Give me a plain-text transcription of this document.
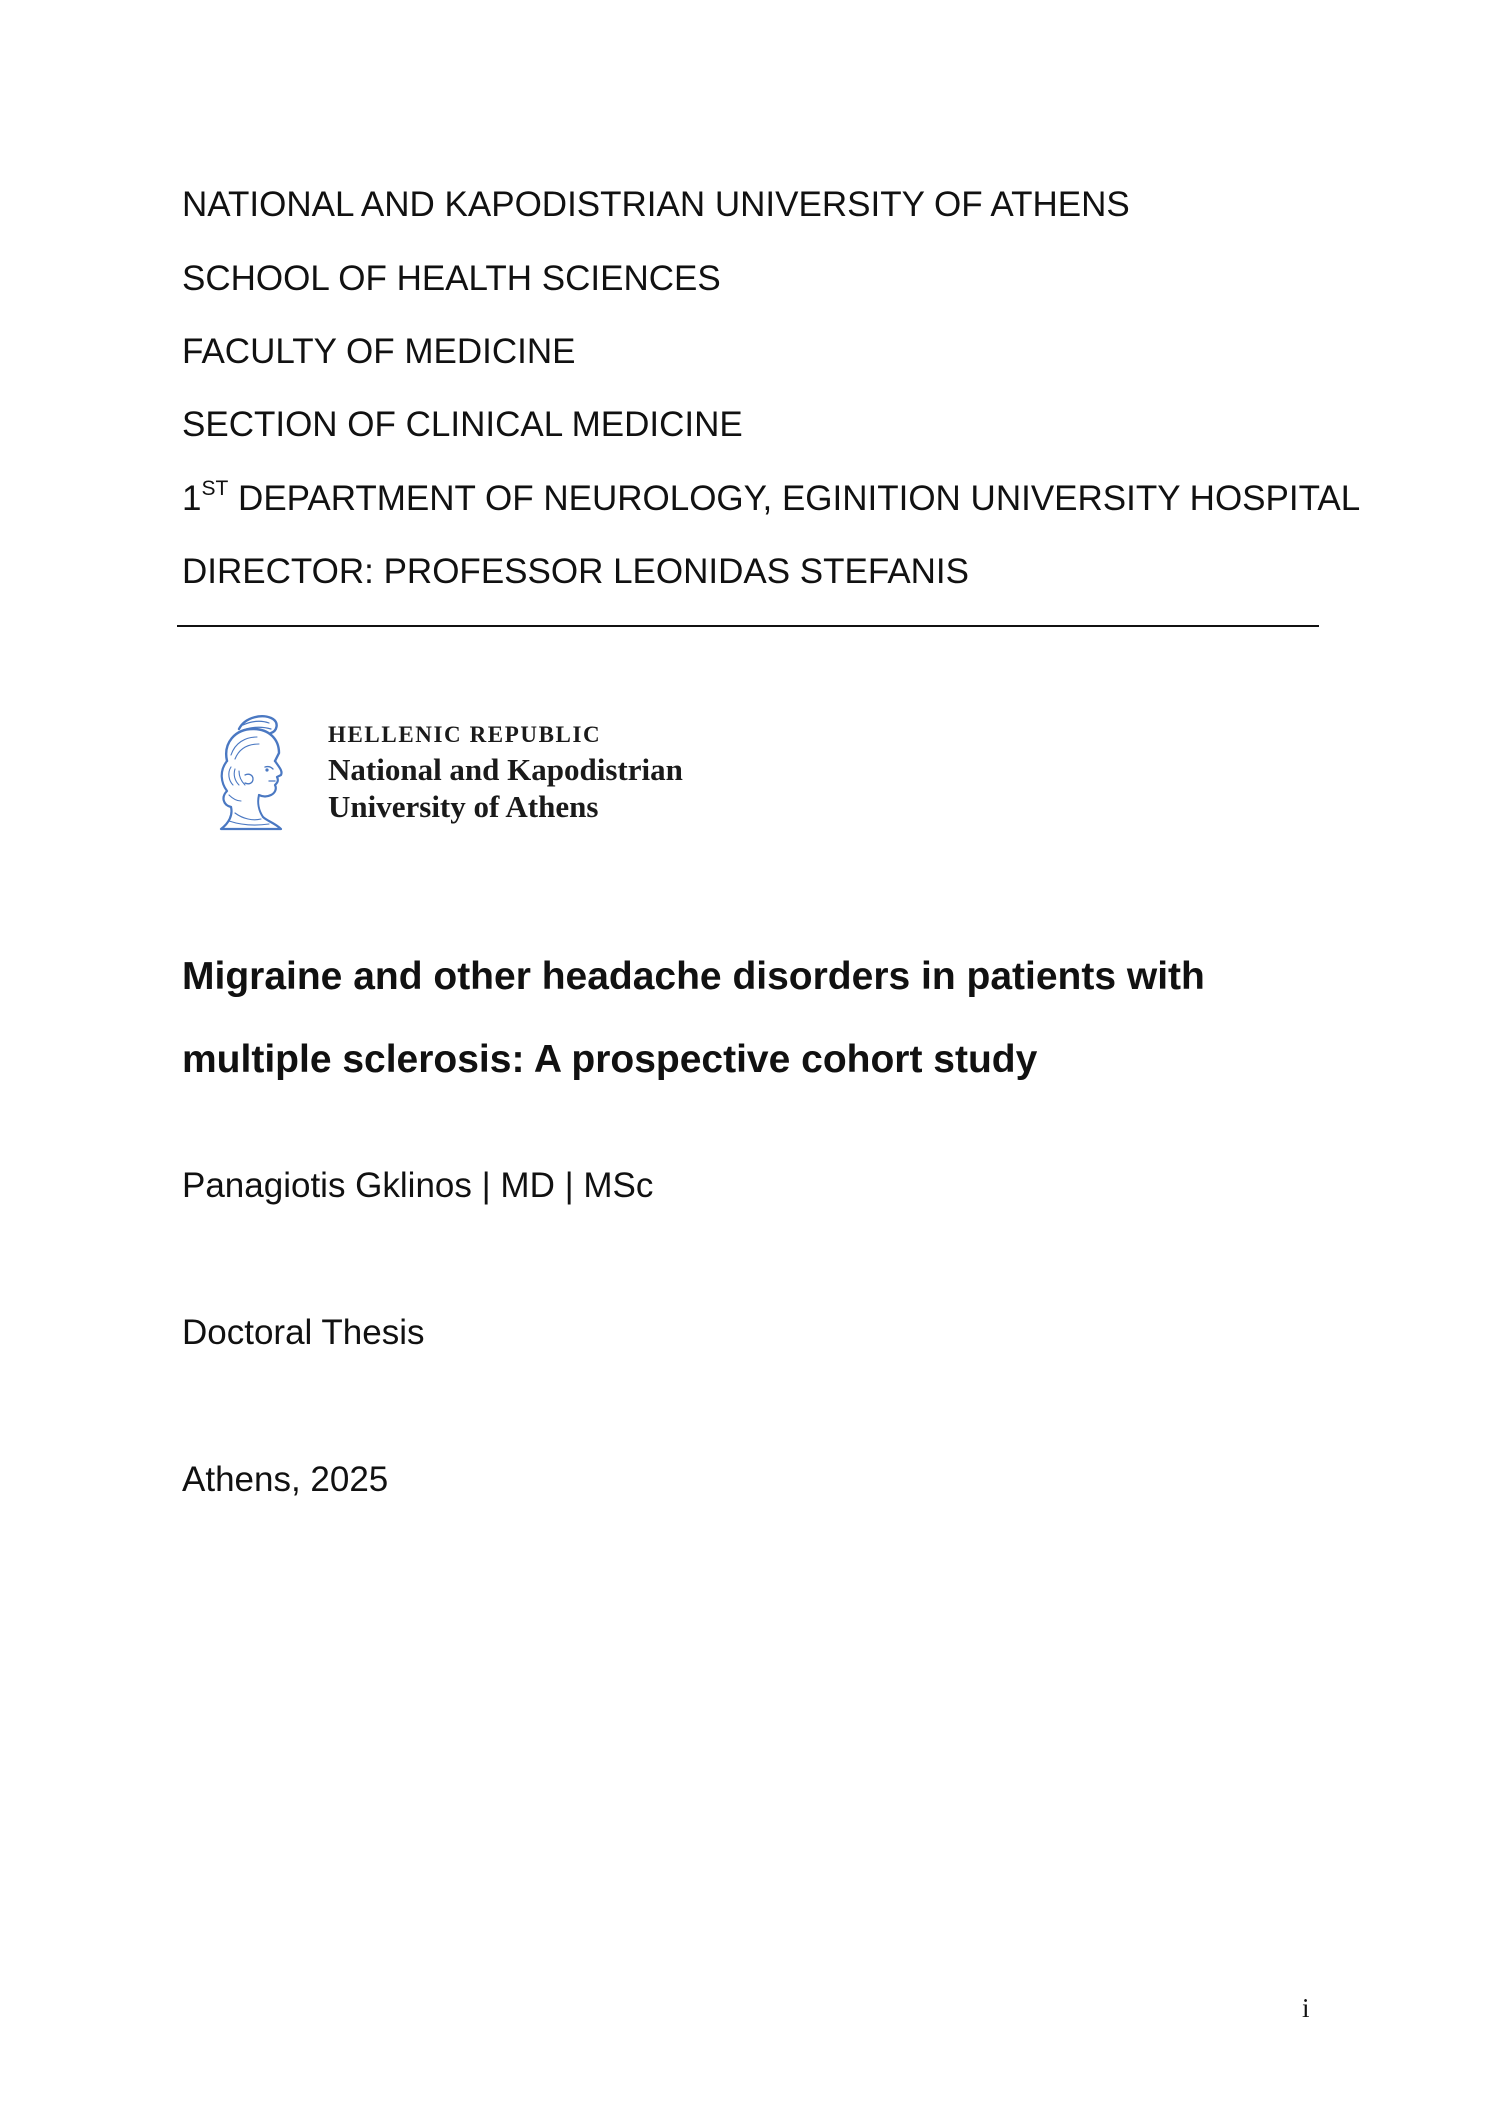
NATIONAL AND KAPODISTRIAN UNIVERSITY OF ATHENS
SCHOOL OF HEALTH SCIENCES
FACULTY OF MEDICINE
SECTION OF CLINICAL MEDICINE
1ST DEPARTMENT OF NEUROLOGY, EGINITION UNIVERSITY HOSPITAL
DIRECTOR: PROFESSOR LEONIDAS STEFANIS
HELLENIC REPUBLIC
National and Kapodistrian
University of Athens
Migraine and other headache disorders in patients with
multiple sclerosis: A prospective cohort study
Panagiotis Gklinos | MD | MSc
Doctoral Thesis
Athens, 2025
i
